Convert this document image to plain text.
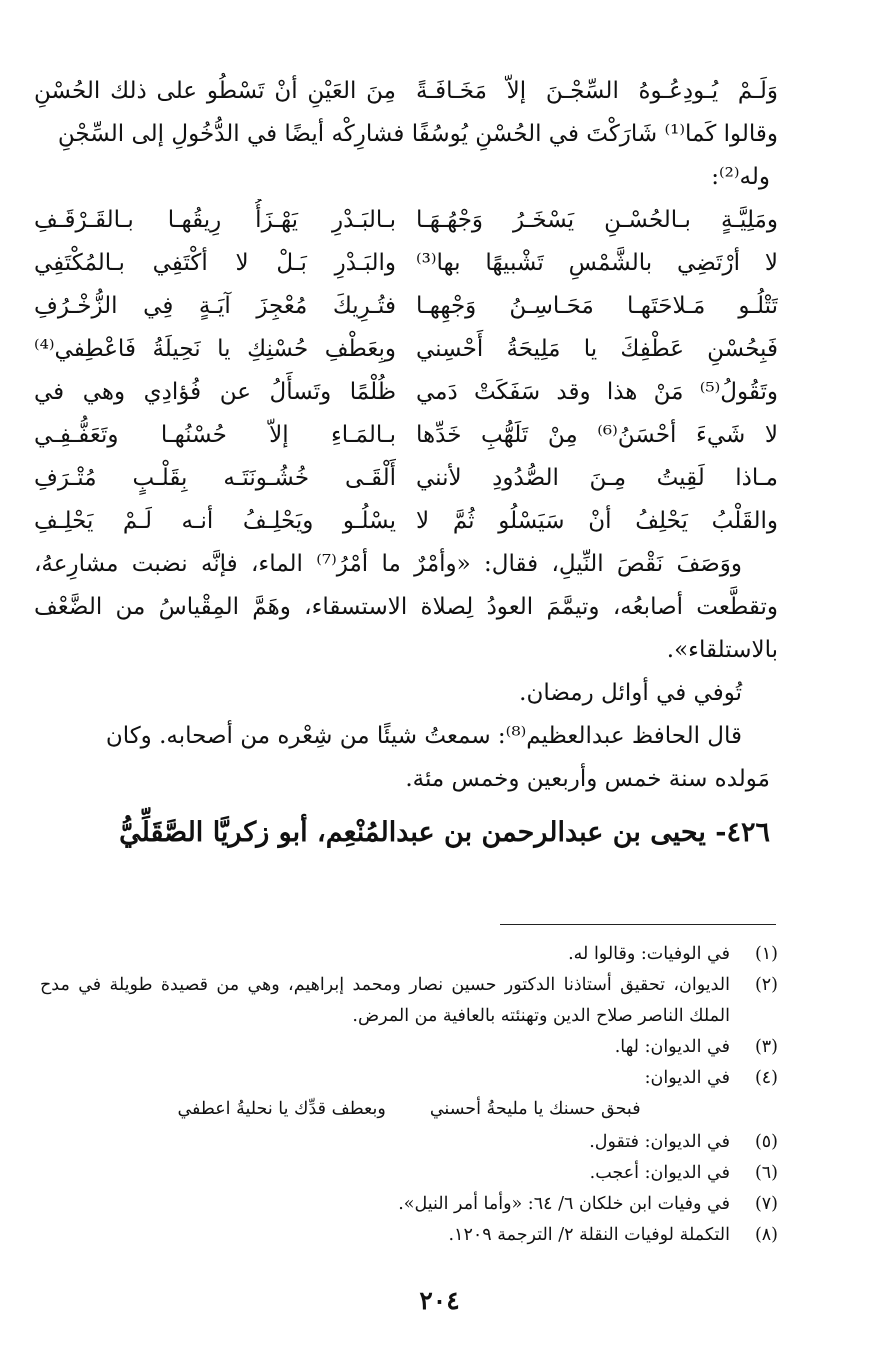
وَلَـمْ يُـودِعُـوهُ السِّجْـنَ إلاّ مَخَـافَـةً
مِنَ العَيْنِ أنْ تَسْطُو على ذلك الحُسْنِ
وقالوا كَما⁽¹⁾ شَارَكْتَ في الحُسْنِ يُوسُفًا فشارِكْه أيضًا في الدُّخُولِ إلى السِّجْنِ
وله⁽²⁾:
ومَلِيَّـةٍ بـالحُسْـنِ يَسْخَـرُ وَجْهُـهَـا
بـالبَـدْرِ يَهْـزَأُ رِيقُهـا بـالقَـرْقَـفِ
لا أرْتَضِي بالشَّمْسِ تَشْبيهًا بها⁽³⁾
والبَـدْرِ بَـلْ لا أكْتَفِي بـالمُكْتَفِي
تَتْلُـو مَـلاحَتَهـا مَحَـاسِـنُ وَجْهِهـا
فتُـرِيكَ مُعْجِزَ آيَـةٍ فِي الزُّخْـرُفِ
فَبِحُسْنِ عَطْفِكَ يا مَلِيحَةُ أَحْسِني
وبِعَطْفِ حُسْنِكِ يا نَحِيلَةُ فَاعْطِفي⁽⁴⁾
وتَقُولُ⁽⁵⁾ مَنْ هذا وقد سَفَكَتْ دَمي
ظُلْمًا وتَسأَلُ عن فُؤادِي وهي في
لا شَيءَ أحْسَنُ⁽⁶⁾ مِنْ تَلَهُّبِ خَدِّها
بـالمَـاءِ إلاّ حُسْنُهـا وتَعَفُّـفِـي
مـاذا لَقِيتُ مِـنَ الصُّدُودِ لأنني
أَلْقَـى خُشُـونَتَـه بِقَلْـبٍ مُتْـرَفِ
والقَلْبُ يَحْلِفُ أنْ سَيَسْلُو ثُمَّ لا
يسْلُـو ويَحْلِـفُ أنـه لَـمْ يَحْلِـفِ
ووَصَفَ نَقْصَ النِّيلِ، فقال: «وأمْرٌ ما أمْرُ⁽⁷⁾ الماء، فإنَّه نضبت مشارِعهُ، وتقطَّعت أصابعُه، وتيمَّمَ العودُ لِصلاة الاستسقاء، وهَمَّ المِقْياسُ من الضَّعْف بالاستلقاء».
تُوفي في أوائل رمضان.
قال الحافظ عبدالعظيم⁽⁸⁾: سمعتُ شيئًا من شِعْره من أصحابه. وكان
مَولده سنة خمس وأربعين وخمس مئة.
٤٢٦- يحيى بن عبدالرحمن بن عبدالمُنْعِم، أبو زكريَّا الصَّقَلِّيُّ
(١)
في الوفيات: وقالوا له.
(٢)
الديوان، تحقيق أستاذنا الدكتور حسين نصار ومحمد إبراهيم، وهي من قصيدة طويلة في مدح الملك الناصر صلاح الدين وتهنئته بالعافية من المرض.
(٣)
في الديوان: لها.
(٤)
في الديوان:
فبحق حسنك يا مليحةُ أحسني
وبعطف قدِّك يا نحليةُ اعطفي
(٥)
في الديوان: فتقول.
(٦)
في الديوان: أعجب.
(٧)
في وفيات ابن خلكان ٦/ ٦٤: «وأما أمر النيل».
(٨)
التكملة لوفيات النقلة ٢/ الترجمة ١٢٠٩.
٢٠٤
